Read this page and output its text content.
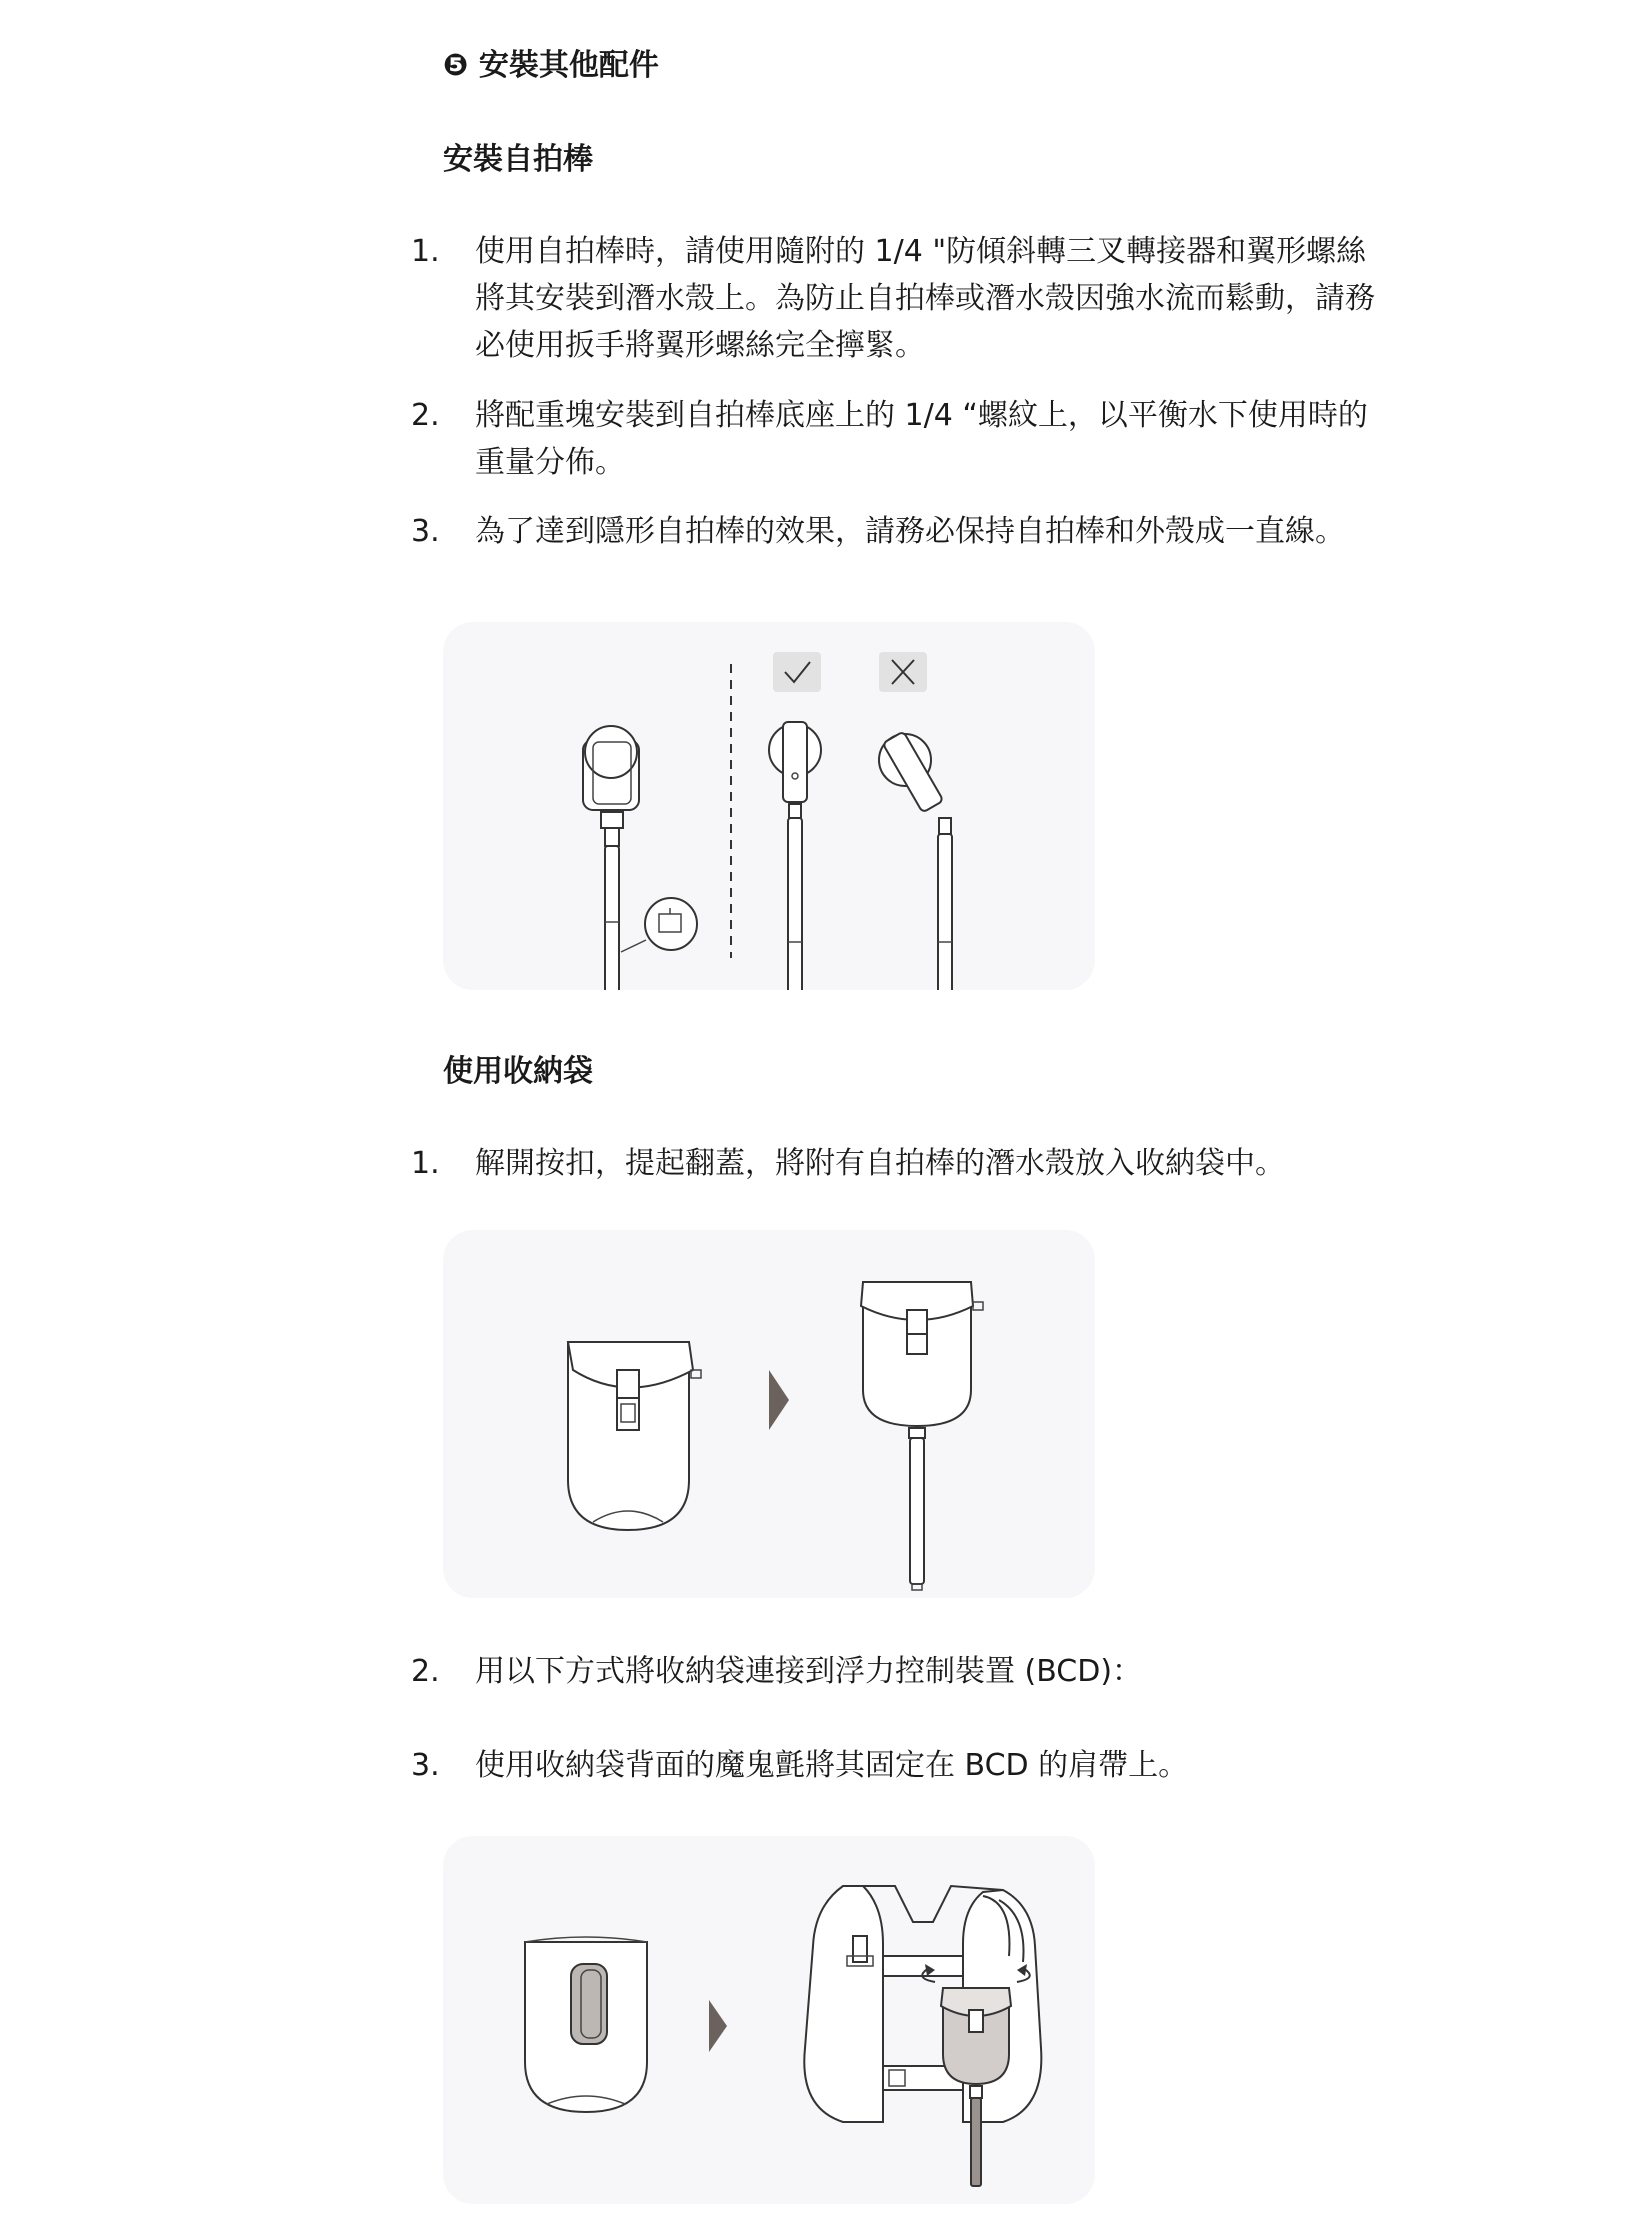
❺ 安裝其他配件
安裝自拍棒
1. 使用自拍棒時，請使用隨附的 1/4 "防傾斜轉三叉轉接器和翼形螺絲將其安裝到潛水殼上。為防止自拍棒或潛水殼因強水流而鬆動，請務必使用扳手將翼形螺絲完全擰緊。
2. 將配重塊安裝到自拍棒底座上的 1/4 “螺紋上，以平衡水下使用時的重量分佈。
3. 為了達到隱形自拍棒的效果，請務必保持自拍棒和外殼成一直線。
使用收納袋
1. 解開按扣，提起翻蓋，將附有自拍棒的潛水殼放入收納袋中。
2. 用以下方式將收納袋連接到浮力控制裝置 (BCD)：
3. 使用收納袋背面的魔鬼氈將其固定在 BCD 的肩帶上。
